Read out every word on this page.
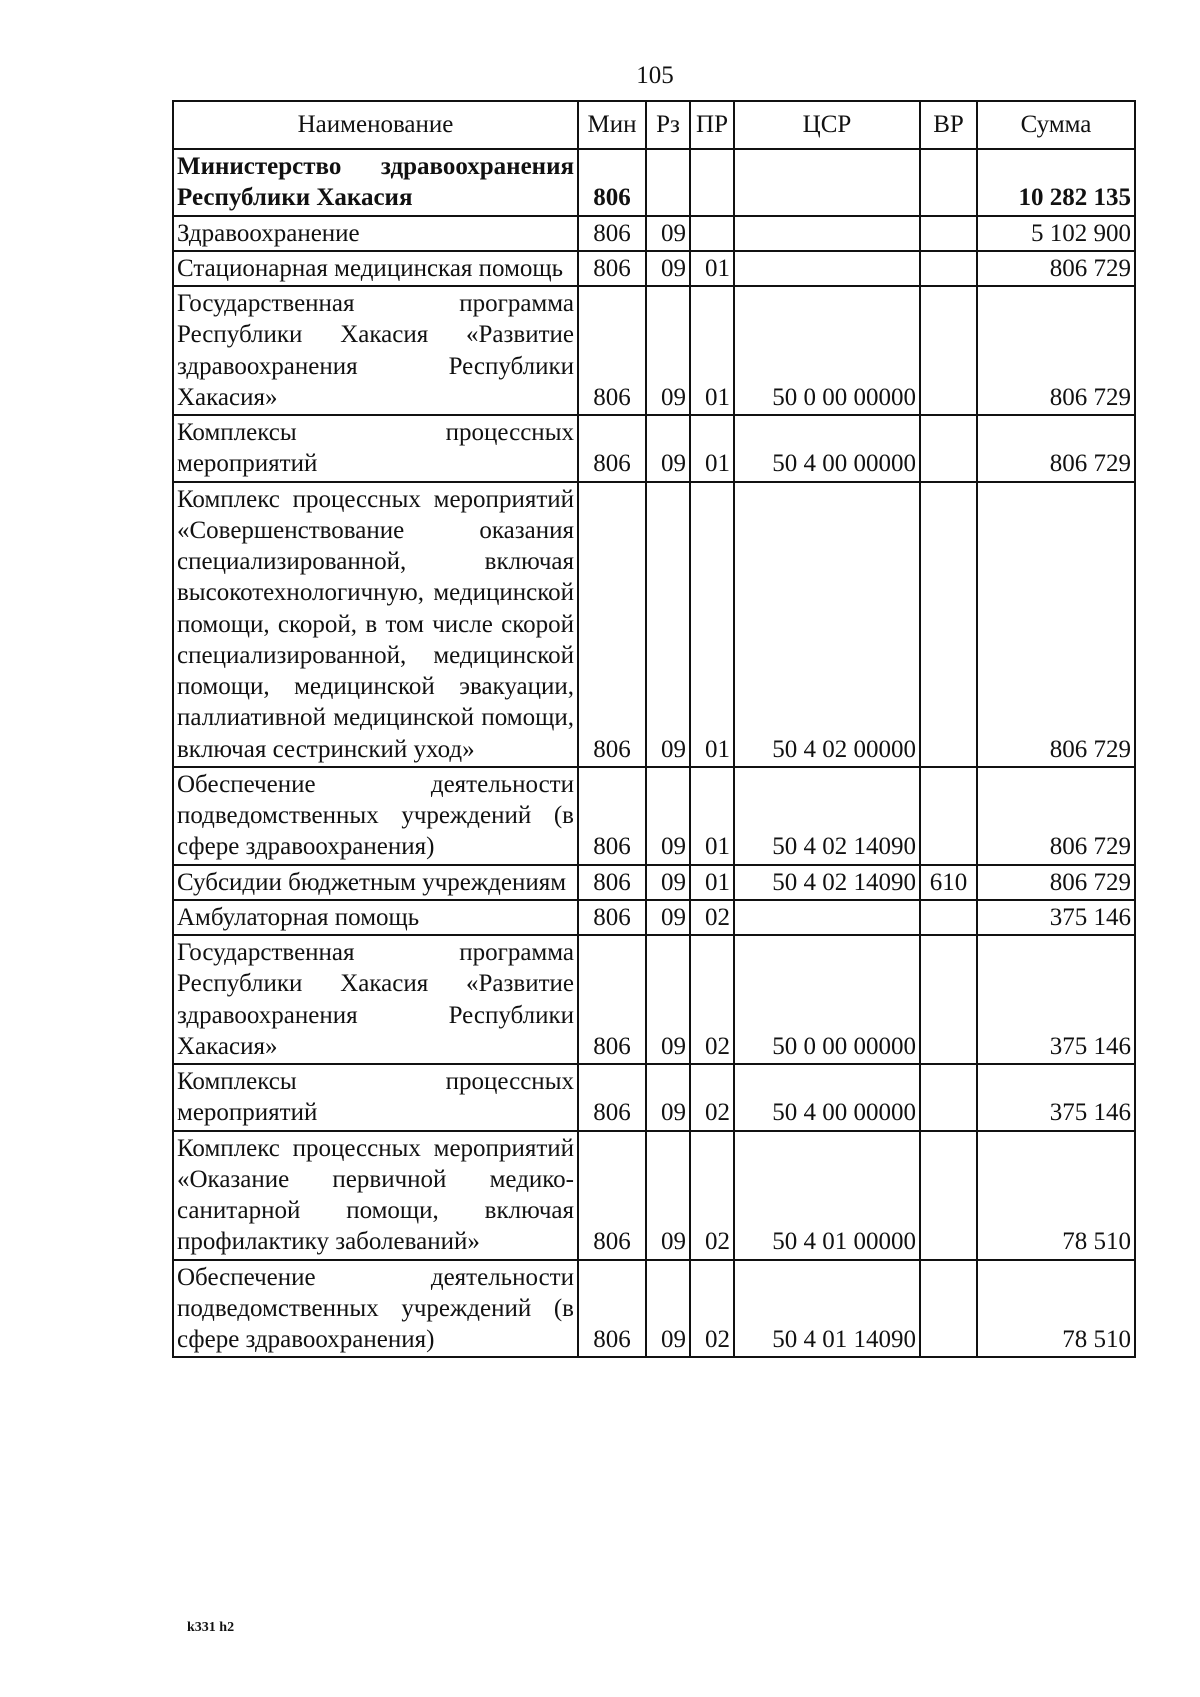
105
Наименование	Мин	Рз	ПР	ЦСР	ВР	Сумма
Министерство здравоохранения Республики Хакасия	806					10 282 135
Здравоохранение	806	09				5 102 900
Стационарная медицинская помощь	806	09	01			806 729
Государственная программа Республики Хакасия «Развитие здравоохранения Республики Хакасия»	806	09	01	50 0 00 00000		806 729
Комплексы процессных мероприятий	806	09	01	50 4 00 00000		806 729
Комплекс процессных мероприятий «Совершенствование оказания специализированной, включая высокотехнологичную, медицинской помощи, скорой, в том числе скорой специализированной, медицинской помощи, медицинской эвакуации, паллиативной медицинской помощи, включая сестринский уход»	806	09	01	50 4 02 00000		806 729
Обеспечение деятельности подведомственных учреждений (в сфере здравоохранения)	806	09	01	50 4 02 14090		806 729
Субсидии бюджетным учреждениям	806	09	01	50 4 02 14090	610	806 729
Амбулаторная помощь	806	09	02			375 146
Государственная программа Республики Хакасия «Развитие здравоохранения Республики Хакасия»	806	09	02	50 0 00 00000		375 146
Комплексы процессных мероприятий	806	09	02	50 4 00 00000		375 146
Комплекс процессных мероприятий «Оказание первичной медико-санитарной помощи, включая профилактику заболеваний»	806	09	02	50 4 01 00000		78 510
Обеспечение деятельности подведомственных учреждений (в сфере здравоохранения)	806	09	02	50 4 01 14090		78 510
k331 h2
